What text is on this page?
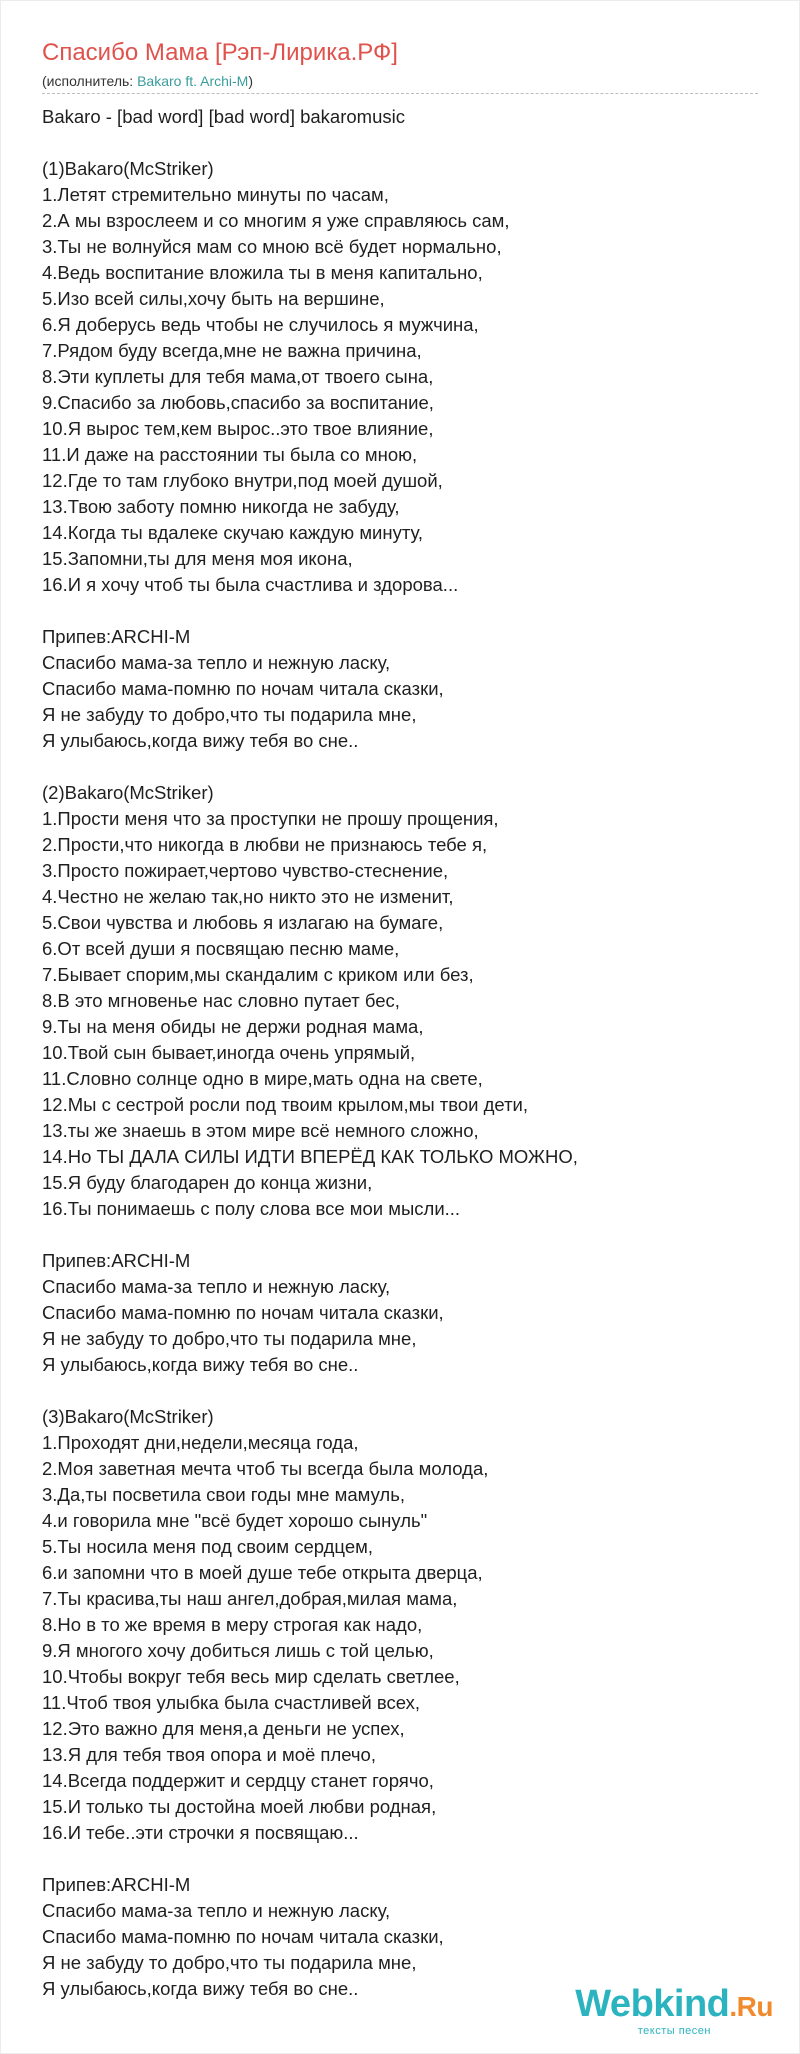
Спасибо Мама [Рэп-Лирика.РФ]
(исполнитель: Bakaro ft. Archi-M)
Bakaro - [bad word] [bad word] bakaromusic
(1)Bakaro(McStriker)
1.Летят стремительно минуты по часам,
2.А мы взрослеем и со многим я уже справляюсь сам,
3.Ты не волнуйся мам со мною всё будет нормально,
4.Ведь воспитание вложила ты в меня капитально,
5.Изо всей силы,хочу быть на вершине,
6.Я доберусь ведь чтобы не случилось я мужчина,
7.Рядом буду всегда,мне не важна причина,
8.Эти куплеты для тебя мама,от твоего сына,
9.Спасибо за любовь,спасибо за воспитание,
10.Я вырос тем,кем вырос..это твое влияние,
11.И даже на расстоянии ты была со мною,
12.Где то там глубоко внутри,под моей душой,
13.Твою заботу помню никогда не забуду,
14.Когда ты вдалеке скучаю каждую минуту,
15.Запомни,ты для меня моя икона,
16.И я хочу чтоб ты была счастлива и здорова...
Припев:ARCHI-M
Спасибо мама-за тепло и нежную ласку,
Спасибо мама-помню по ночам читала сказки,
Я не забуду то добро,что ты подарила мне,
Я улыбаюсь,когда вижу тебя во сне..
(2)Bakaro(McStriker)
1.Прости меня что за проступки не прошу прощения,
2.Прости,что никогда в любви не признаюсь тебе я,
3.Просто пожирает,чертово чувство-стеснение,
4.Честно не желаю так,но никто это не изменит,
5.Свои чувства и любовь я излагаю на бумаге,
6.От всей души я посвящаю песню маме,
7.Бывает спорим,мы скандалим с криком или без,
8.В это мгновенье нас словно путает бес,
9.Ты на меня обиды не держи родная мама,
10.Твой сын бывает,иногда очень упрямый,
11.Словно солнце одно в мире,мать одна на свете,
12.Мы с сестрой росли под твоим крылом,мы твои дети,
13.ты же знаешь в этом мире всё немного сложно,
14.Но ТЫ ДАЛА СИЛЫ ИДТИ ВПЕРЁД КАК ТОЛЬКО МОЖНО,
15.Я буду благодарен до конца жизни,
16.Ты понимаешь с полу слова все мои мысли...
Припев:ARCHI-M
Спасибо мама-за тепло и нежную ласку,
Спасибо мама-помню по ночам читала сказки,
Я не забуду то добро,что ты подарила мне,
Я улыбаюсь,когда вижу тебя во сне..
(3)Bakaro(McStriker)
1.Проходят дни,недели,месяца года,
2.Моя заветная мечта чтоб ты всегда была молода,
3.Да,ты посветила свои годы мне мамуль,
4.и говорила мне "всё будет хорошо сынуль"
5.Ты носила меня под своим сердцем,
6.и запомни что в моей душе тебе открыта дверца,
7.Ты красива,ты наш ангел,добрая,милая мама,
8.Но в то же время в меру строгая как надо,
9.Я многого хочу добиться лишь с той целью,
10.Чтобы вокруг тебя весь мир сделать светлее,
11.Чтоб твоя улыбка была счастливей всех,
12.Это важно для меня,а деньги не успех,
13.Я для тебя твоя опора и моё плечо,
14.Всегда поддержит и сердцу станет горячо,
15.И только ты достойна моей любви родная,
16.И тебе..эти строчки я посвящаю...
Припев:ARCHI-M
Спасибо мама-за тепло и нежную ласку,
Спасибо мама-помню по ночам читала сказки,
Я не забуду то добро,что ты подарила мне,
Я улыбаюсь,когда вижу тебя во сне..	Webkind.Ru
тексты песен
